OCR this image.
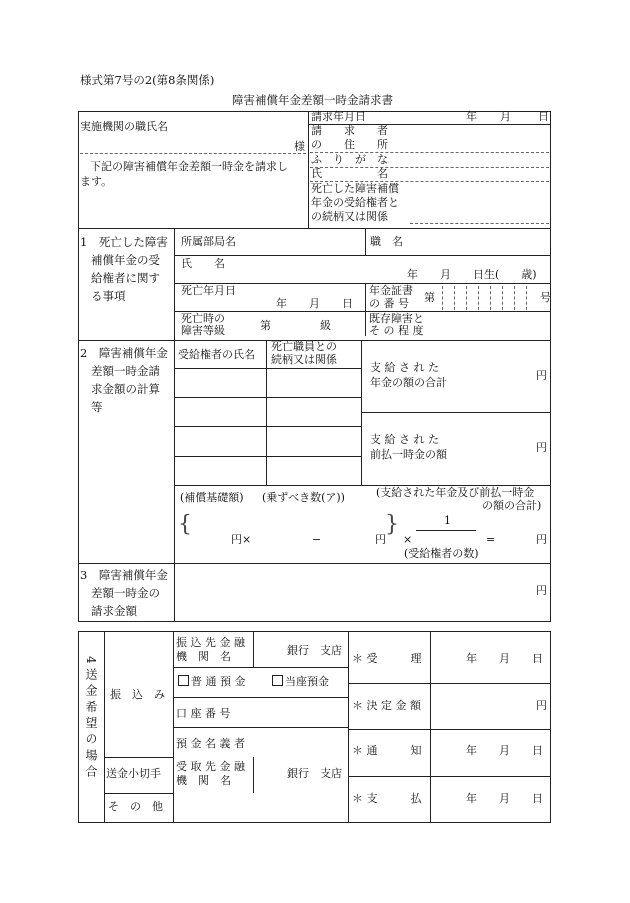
様式第7号の2(第8条関係)
障害補償年金差額一時金請求書
実施機関の職氏名
様
下記の障害補償年金差額一時金を請求し
ます。
請求年月日	年 月 日
請　　求　　者
の　　住　　所
ふ　り　が　な
氏　　　　　名
死亡した障害補償
年金の受給権者と
の続柄又は関係
1　死亡した障害
補償年金の受
給権者に関す
る事項
所属部局名	職　名
氏　　名
年　　月　　日生(　　歳)
死亡年月日
年　　月　　日
年金証書
の 番 号 第	号
死亡時の
障害等級	第	級
既存障害と
そ の 程 度
2　障害補償年金
差額一時金請
求金額の計算
等
受給権者の氏名
死亡職員との
続柄又は関係
支 給 さ れ た
年金の額の合計
円
支 給 さ れ た
前払一時金の額
円
(補償基礎額) (乗ずべき数(ア))	(支給された年金及び前払一時金
の額の合計)
{	}
円×	−	円 ×
1
=	円
(受給権者の数)
3　障害補償年金
差額一時金の
請求金額
円
4送金希望の場合 振　込　み
送金小切手
そ　の　他
振 込 先 金 融
機　関　名	銀行　支店
普 通 預 金	当座預金
口 座 番 号
預 金 名 義 者
受 取 先 金 融
機　関　名
銀行　支店
＊ 受　　　理	年　　月　　日
＊ 決 定 金 額	円
＊ 通　　　知	年　　月　　日
＊ 支　　　払	年　　月　　日
